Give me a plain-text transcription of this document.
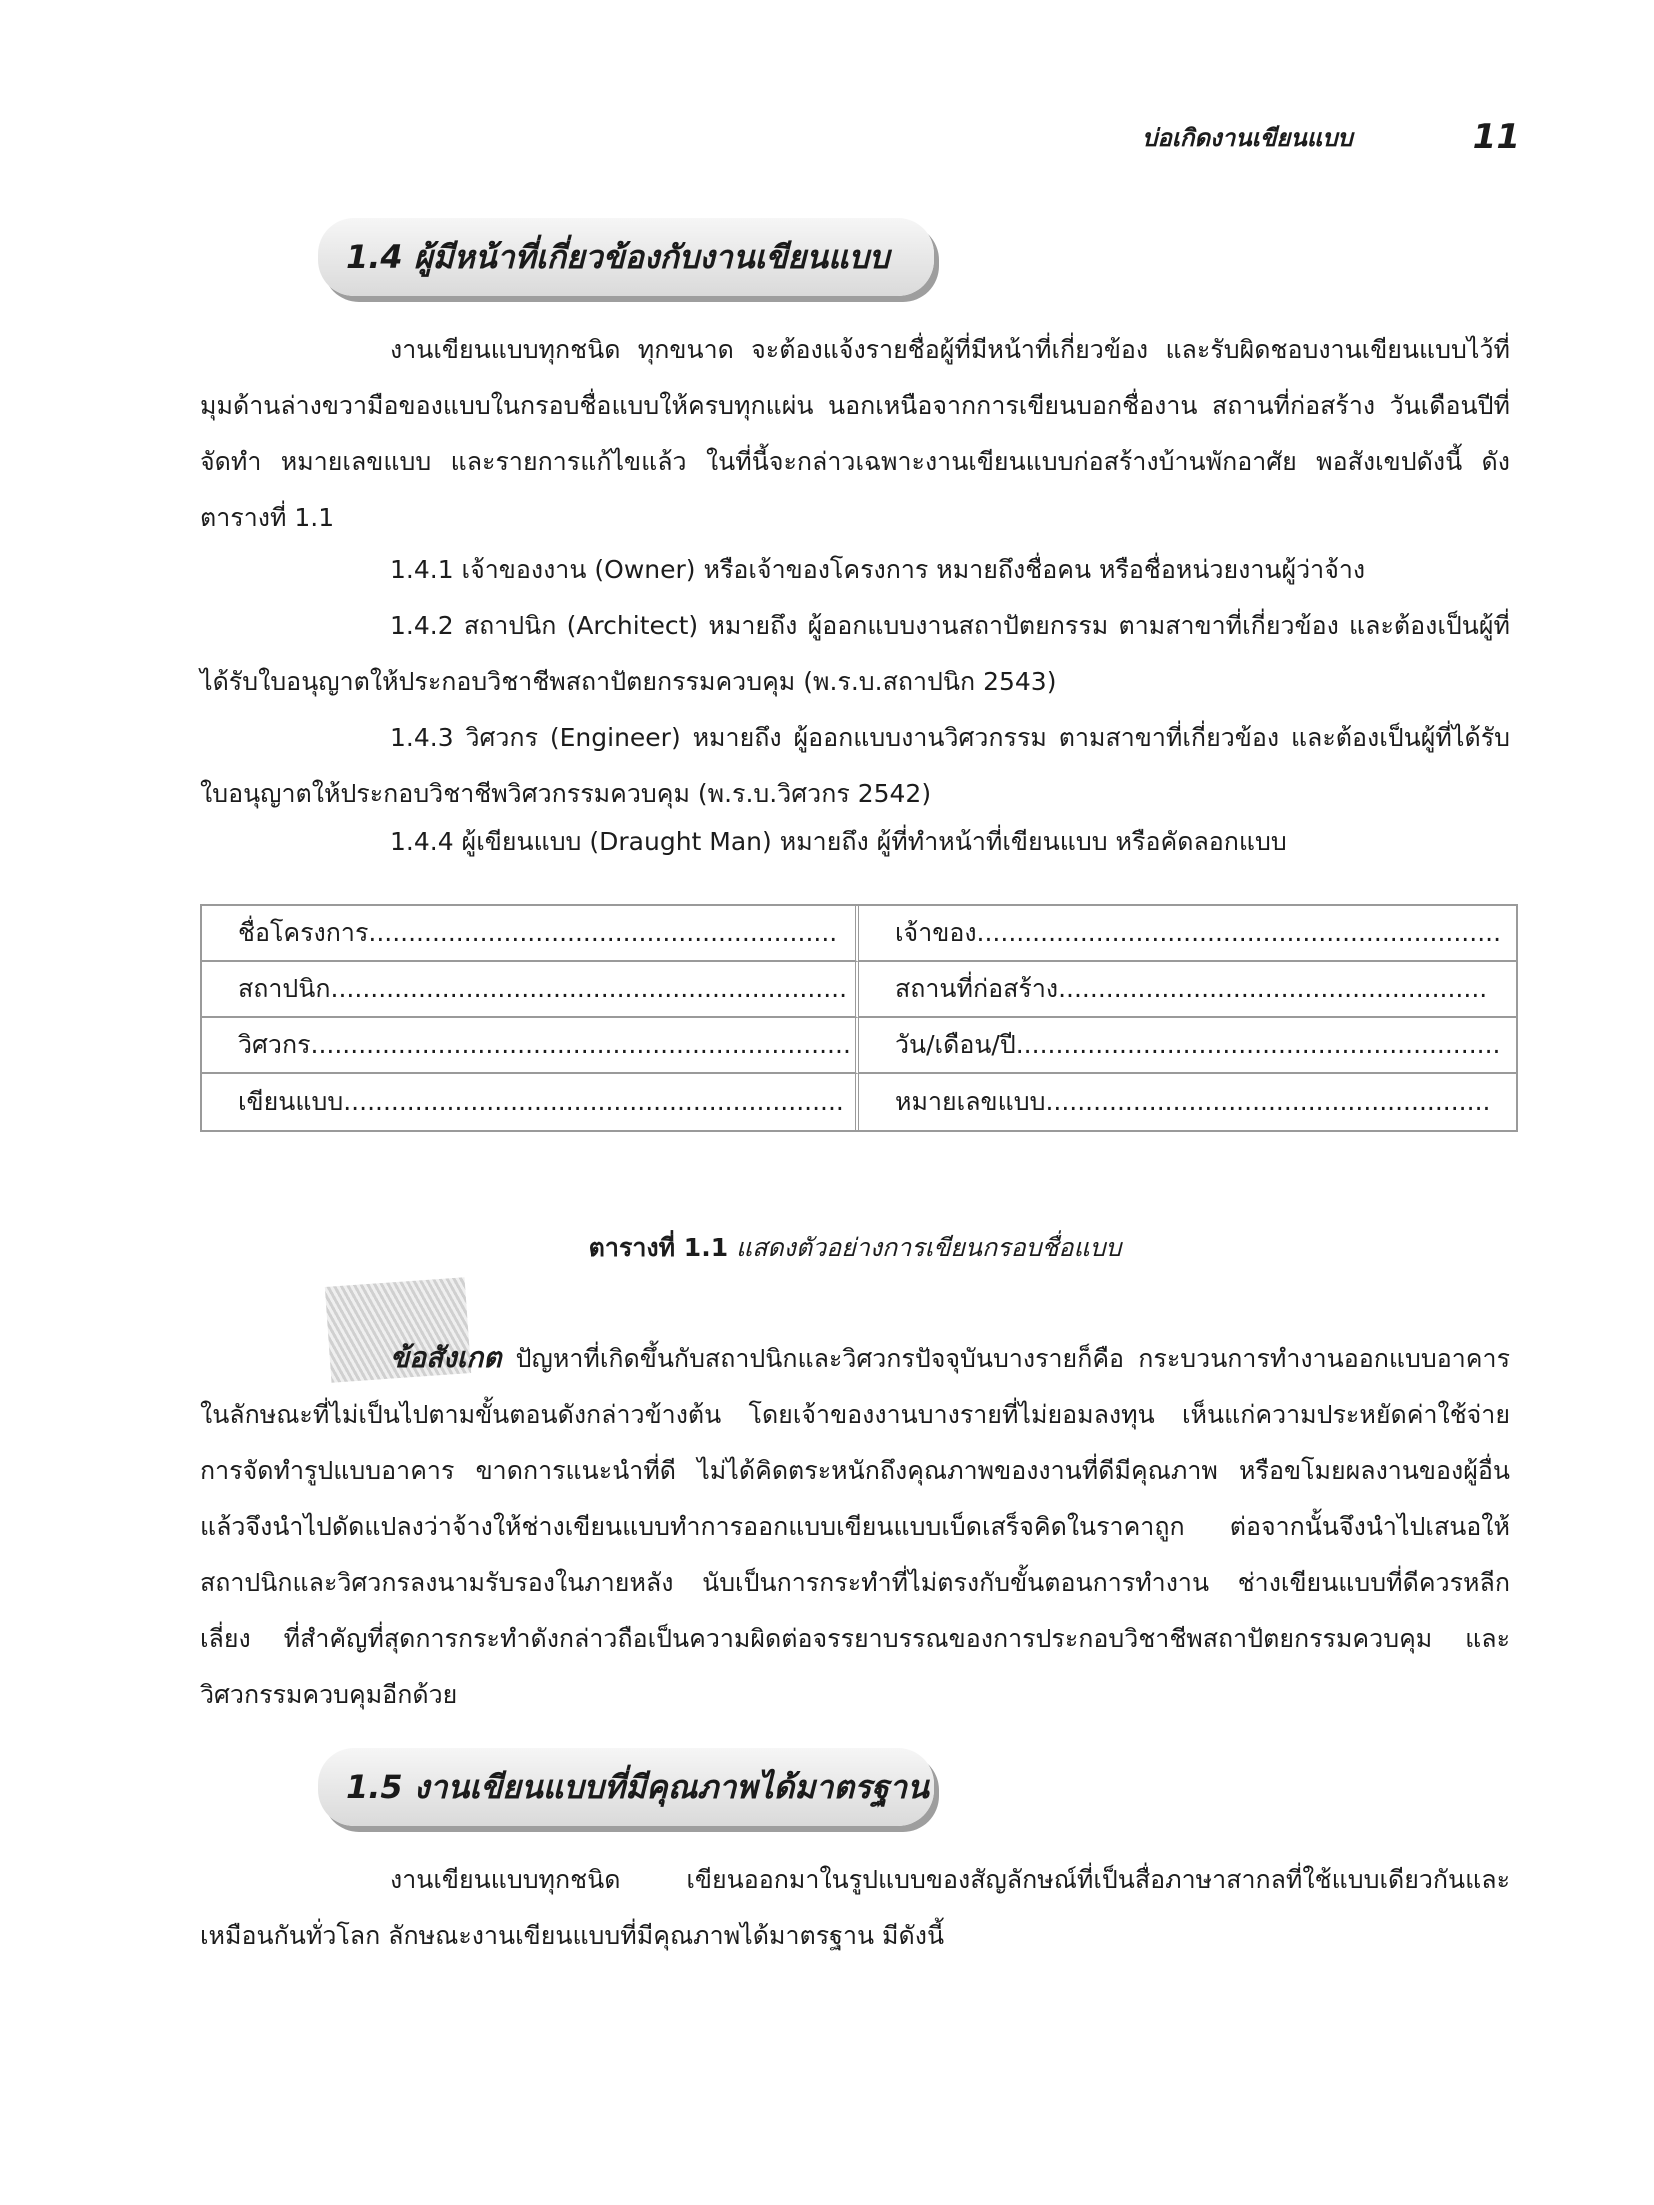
บ่อเกิดงานเขียนแบบ	11
1.4 ผู้มีหน้าที่เกี่ยวข้องกับงานเขียนแบบ

งานเขียนแบบทุกชนิด ทุกขนาด จะต้องแจ้งรายชื่อผู้ที่มีหน้าที่เกี่ยวข้อง และรับผิดชอบงานเขียนแบบไว้ที่มุมด้านล่างขวามือของแบบในกรอบชื่อแบบให้ครบทุกแผ่น นอกเหนือจากการเขียนบอกชื่องาน สถานที่ก่อสร้าง วันเดือนปีที่จัดทำ หมายเลขแบบ และรายการแก้ไขแล้ว ในที่นี้จะกล่าวเฉพาะงานเขียนแบบก่อสร้างบ้านพักอาศัย พอสังเขปดังนี้ ดังตารางที่ 1.1

1.4.1 เจ้าของงาน (Owner) หรือเจ้าของโครงการ หมายถึงชื่อคน หรือชื่อหน่วยงานผู้ว่าจ้าง

1.4.2 สถาปนิก (Architect) หมายถึง ผู้ออกแบบงานสถาปัตยกรรม ตามสาขาที่เกี่ยวข้อง และต้องเป็นผู้ที่ได้รับใบอนุญาตให้ประกอบวิชาชีพสถาปัตยกรรมควบคุม (พ.ร.บ.สถาปนิก 2543)

1.4.3 วิศวกร (Engineer) หมายถึง ผู้ออกแบบงานวิศวกรรม ตามสาขาที่เกี่ยวข้อง และต้องเป็นผู้ที่ได้รับใบอนุญาตให้ประกอบวิชาชีพวิศวกรรมควบคุม (พ.ร.บ.วิศวกร 2542)

1.4.4 ผู้เขียนแบบ (Draught Man) หมายถึง ผู้ที่ทำหน้าที่เขียนแบบ หรือคัดลอกแบบ

ชื่อโครงการ...........................................................	เจ้าของ..................................................................
สถาปนิก.................................................................	สถานที่ก่อสร้าง......................................................
วิศวกร....................................................................	วัน/เดือน/ปี.............................................................
เขียนแบบ...............................................................	หมายเลขแบบ........................................................
ตารางที่ 1.1 แสดงตัวอย่างการเขียนกรอบชื่อแบบ

ข้อสังเกต ปัญหาที่เกิดขึ้นกับสถาปนิกและวิศวกรปัจจุบันบางรายก็คือ กระบวนการทำงานออกแบบอาคารในลักษณะที่ไม่เป็นไปตามขั้นตอนดังกล่าวข้างต้น โดยเจ้าของงานบางรายที่ไม่ยอมลงทุน เห็นแก่ความประหยัดค่าใช้จ่ายการจัดทำรูปแบบอาคาร ขาดการแนะนำที่ดี ไม่ได้คิดตระหนักถึงคุณภาพของงานที่ดีมีคุณภาพ หรือขโมยผลงานของผู้อื่น แล้วจึงนำไปดัดแปลงว่าจ้างให้ช่างเขียนแบบทำการออกแบบเขียนแบบเบ็ดเสร็จคิดในราคาถูก ต่อจากนั้นจึงนำไปเสนอให้สถาปนิกและวิศวกรลงนามรับรองในภายหลัง นับเป็นการกระทำที่ไม่ตรงกับขั้นตอนการทำงาน ช่างเขียนแบบที่ดีควรหลีกเลี่ยง ที่สำคัญที่สุดการกระทำดังกล่าวถือเป็นความผิดต่อจรรยาบรรณของการประกอบวิชาชีพสถาปัตยกรรมควบคุม และวิศวกรรมควบคุมอีกด้วย

1.5 งานเขียนแบบที่มีคุณภาพได้มาตรฐาน

งานเขียนแบบทุกชนิด เขียนออกมาในรูปแบบของสัญลักษณ์ที่เป็นสื่อภาษาสากลที่ใช้แบบเดียวกันและเหมือนกันทั่วโลก ลักษณะงานเขียนแบบที่มีคุณภาพได้มาตรฐาน มีดังนี้
